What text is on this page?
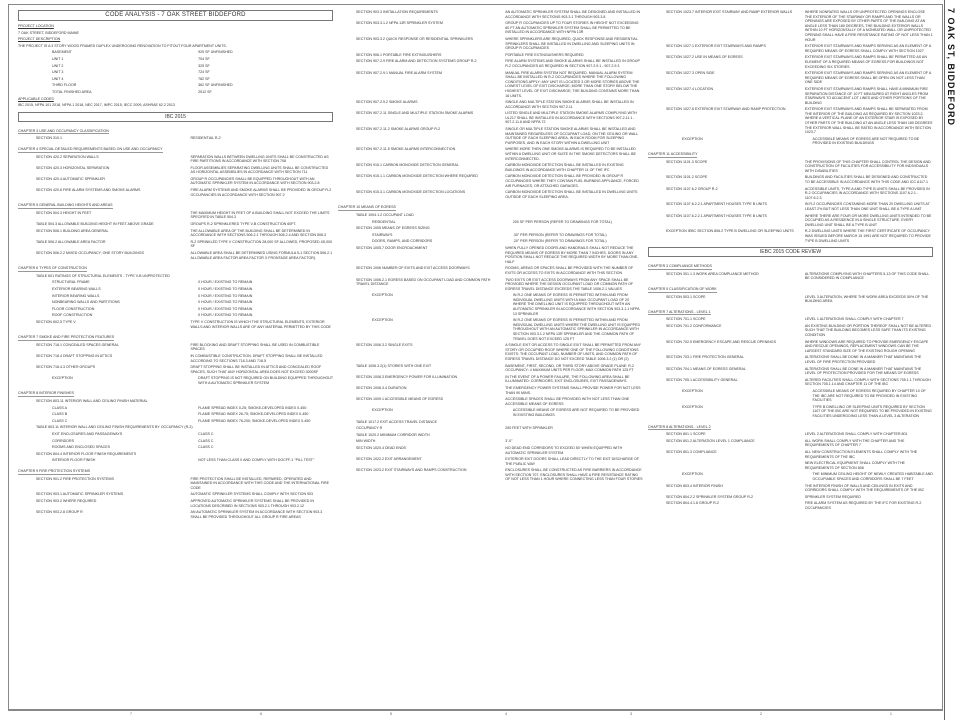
7 OAK ST, BIDDEFORD
7	6	5	4	3	2	1
CODE ANALYSIS - 7 OAK STREET BIDDEFORD
PROJECT LOCATION
7 OAK STREET, BIDDEFORD MAINE
PROJECT DESCRIPTION
THE PROJECT IS A 3 STORY WOOD FRAMED DUPLEX UNDERGOING RENOVATION TO FITOUT FOUR APARTMENT UNITS.
BASEMENT	925 SF UNFINISHED
UNIT 1	704 SF
UNIT 2	325 SF
UNIT 3	724 SF
UNIT 4	782 SF
THIRD FLOOR	362 SF UNFINISHED
TOTAL FINISHED AREA	2512 SF
APPLICABLE CODES
IBC 2015, NFPA 101 2018, NFPA 1 2018, NEC 2017, IMPC 2015, IECC 2009, ASHRAE 62.2 2013
IBC 2015
CHAPTER 3 USE AND OCCUPANCY CLASSIFICATION
SECTION 310.1	RESIDENTIAL R-2
CHAPTER 4 SPECIAL DETAILED REQUIREMENTS BASED ON USE AND OCCUPANCY
SECTION 420.2 SEPARATION WALLS	SEPARATION WALLS BETWEEN DWELLING UNITS SHALL BE CONSTRUCTED AS FIRE PARTITIONS IN ACCORDANCE WITH SECTION 708
SECTION 420.3 HORIZONTAL SEPARATION	FLOOR ASSEMBLIES SEPARATING DWELLING UNITS SHALL BE CONSTRUCTED AS HORIZONTAL ASSEMBLIES IN ACCORDANCE WITH SECTION 711
SECTION 420.4 AUTOMATIC SPRINKLER	GROUP R OCCUPANCIES SHALL BE EQUIPPED THROUGHOUT WITH AN AUTOMATIC SPRINKLER SYSTEM IN ACCORDANCE WITH SECTION 903.2.8
SECTION 420.6 FIRE ALARM SYSTEMS AND SMOKE ALARMS	FIRE ALARM SYSTEMS AND SMOKE ALARMS SHALL BE PROVIDED IN GROUP R-2 OCCUPANCIES IN ACCORDANCE WITH SECTION 907.2
CHAPTER 5 GENERAL BUILDING HEIGHTS AND AREAS
SECTION 504.3 HEIGHT IN FEET	THE MAXIMUM HEIGHT IN FEET OF A BUILDING SHALL NOT EXCEED THE LIMITS SPECIFIED IN TABLE 504.3
TABLE 504.3 ALLOWABLE BUILDING HEIGHT IN FEET ABOVE GRADE	GROUPS R-2 SPRINKLERED TYPE V-B CONSTRUCTION 60FT.
SECTION 506.1 BUILDING AREA GENERAL	THE ALLOWABLE AREA OF THE BUILDING SHALL BE DETERMINED IN ACCORDANCE WITH SECTIONS 506.2.1 THROUGH 506.2.4 AND SECTION 506.3
TABLE 506.2 ALLOWABLE AREA FACTOR	R-2 SPRINKLED TYPE V CONSTRUCTION 28,000 SF ALLOWED, PROPOSED 4D,000 SF
SECTION 506.2.2 MIXED OCCUPANCY, ONE STORY BUILDINGS	ALLOWABLE AREA SHALL BE DETERMINED USING FORMULA 5-1 SECTION 506.2.1 ALLOWABLE AREA FACTOR AREA FACTOR X FRONTAGE AREA FACTOR).
CHAPTER 6 TYPES OF CONSTRUCTION
TABLE 601 RATINGS OF STRUCTURAL ELEMENTS - TYPE V-B UNPROTECTED
STRUCTURAL FRAME	0 HOUR / EXISTING TO REMAIN
EXTERIOR BEARING WALLS	0 HOUR / EXISTING TO REMAIN
INTERIOR BEARING WALLS	0 HOUR / EXISTING TO REMAIN
NONBEARING WALLS AND PARTITIONS	0 HOUR / EXISTING TO REMAIN
FLOOR CONSTRUCTION	0 HOUR / EXISTING TO REMAIN
ROOF CONSTRUCTION	0 HOUR / EXISTING TO REMAIN
SECTION 602.5 TYPE V	TYPE V CONSTRUCTION IS WHICH THE STRUCTURAL ELEMENTS, EXTERIOR WALLS AND INTERIOR WALLS ARE OF ANY MATERIAL PERMITTED BY THIS CODE
CHAPTER 7 SMOKE AND FIRE PROTECTION FEATURES
SECTION 718.1 CONCEALED SPACES GENERAL	FIRE BLOCKING AND DRAFT STOPPING SHALL BE USED IN COMBUSTIBLE SPACES
SECTION 718.4 DRAFT STOPPING IN ATTICS	IN COMBUSTIBLE CONSTRUCTION, DRAFT STOPPING SHALL BE INSTALLED ACCORDING TO SECTIONS 718.3 AND 718.5
SECTION 718.4.3 OTHER GROUPS	DRAFT STOPPING SHALL BE INSTALLED IN ATTICS AND CONCEALED ROOF SPACES, SUCH THAT ANY HORIZONTAL AREA DOES NOT EXCEED 3000SF
EXCEPTION	DRAFT STOPPING IS NOT REQUIRED ON BUILDING EQUIPPED THROUGHOUT WITH A AUTOMATIC SPRINKLER SYSTEM
CHAPTER 8 INTERIOR FINISHES
SECTION 803.11 INTERIOR WALL AND CEILING FINISH MATERIAL
CLASS A	FLAME SPREAD INDEX 0-25; SMOKE-DEVELOPED INDEX 0-450
CLASS B	FLAME SPREAD INDEX 26-75; SMOKE-DEVELOPED INDEX 0-450
CLASS C	FLAME SPREAD INDEX 76-200; SMOKE-DEVELOPED INDEX 0-450
TABLE 803.11 INTERIOR WALL AND CEILING FINISH REQUIREMENTS BY OCCUPANCY (R-2)
EXIT ENCLOSURES AND PASSAGEWAYS	CLASS C
CORRIDORS	CLASS C
ROOMS AND ENCLOSED SPACES	CLASS C
SECTION 804.4 INTERIOR FLOOR FINISH REQUIREMENTS
INTERIOR FLOOR FINISH	NOT LESS THAN CLASS II AND COMPLY WITH DOCFF-1 "PILL TEST"
CHAPTER 9 FIRE PROTECTION SYSTEMS
SECTION 901.2 FIRE PROTECTION SYSTEMS	FIRE PROTECTION SHALL BE INSTALLED, REPAIRED, OPERATED AND MAINTAINED IN ACCORDANCE WITH THIS CODE AND THE INTERNATIONAL FIRE CODE
SECTION 903.1 AUTOMATIC SPRINKLER SYSTEMS	AUTOMATIC SPRINKLER SYSTEMS SHALL COMPLY WITH SECTION 903
SECTION 903.2 WHERE REQUIRED	APPROVED AUTOMATIC SPRINKLER SYSTEMS SHALL BE PROVIDED IN LOCATIONS DESCRIBED IN SECTIONS 903.2.1 THROUGH 903.2.12
SECTION 903.2.8 GROUP R	AN AUTOMATIC SPRINKLER SYSTEM IN ACCORDANCE WITH SECTION 903.3 SHALL BE PROVIDED THROUGHOUT ALL GROUP R FIRE AREAS
SECTION 903.3 INSTALLATION REQUIREMENTS	AN AUTOMATIC SPRINKLER SYSTEM SHALL BE DESIGNED AND INSTALLED IN ACCORDANCE WITH SECTIONS 903.3.1 THROUGH 903.3.8
SECTION 903.3.1.2 NFPA 13R SPRINKLER SYSTEM	GROUP R OCCUPANCIES UP TO FOUR STORIES IN HEIGHT NOT EXCEEDING 60 FT AN AUTOMATIC SPRINKLER SYSTEM SHALL BE PERMITTED TO BE INSTALLED IN ACCORDANCE WITH NFPA 13R
SECTION 903.3.2 QUICK RESPONSE OR RESIDENTIAL SPRINKLERS	WHERE SPRINKLERS ARE REQUIRED, QUICK RESPONSE AND RESIDENTIAL SPRINKLERS SHALL BE INSTALLED IN DWELLING AND SLEEPING UNITS IN GROUP R OCCUPANCIES
SECTION 906.1 PORTABLE FIRE EXTINGUISHERS	PORTABLE FIRE EXTINGUISHERS REQUIRED
SECTION 907.2.9 FIRE ALARM AND DETECTION SYSTEMS GROUP R-2	FIRE ALARM SYSTEMS AND SMOKE ALARMS SHALL BE INSTALLED IN GROUP R-2 OCCUPANCIES AS REQUIRED IN SECTION 907.2.9.1 - 907.2.9.3
SECTION 907.2.9.1 MANUAL FIRE ALARM SYSTEM	MANUAL FIRE ALARM SYSTEM NOT REQUIRED. MANUAL ALARM SYSTEM SHALL BE INSTALLED IN R-2 OCCUPANCIES WHERE THE FOLLOWING CONDITIONS APPLY: ANY UNIT IS LOCATED 3 OR MORE STORIES ABOVE THE LOWEST LEVEL OF EXIT DISCHARGE; MORE THAN ONE STORY BELOW THE HIGHEST LEVEL OF EXIT DISCHARGE; THE BUILDING CONTAINS MORE THAN 16 UNITS.
SECTION 907.2.9.2 SMOKE ALARMS	SINGLE AND MULTIPLE STATION SMOKE ALARMS SHALL BE INSTALLED IN ACCORDANCE WITH SECTION 907.2.11
SECTION 907.2.11 SINGLE AND MULTIPLE STATION SMOKE ALARMS	LISTED SINGLE AND MULTIPLE STATION SMOKE ALARMS COMPLYING WITH UL217 SHALL BE INSTALLED IN ACCORDANCE WITH SECTIONS 907.2.11.1 - 907.2.11.6 AND NFPA 72
SECTION 907.2.11.2 SMOKE ALARMS GROUP R-2	SINGLE OR MULTIPLE STATION SMOKE ALARMS SHALL BE INSTALLED AND MAINTAINED REGARDLESS OF OCCUPANT LOAD, ON THE CEILING OR WALL OUTSIDE OF EACH SLEEPING AREA, IN EACH ROOM FOR SLEEPING PURPOSES, AND IN EACH STORY WITHIN A DWELLING UNIT
SECTION 907.2.11.5 SMOKE ALARMS INTERCONNECTION	WHERE MORE THEN ONE SMOKE ALARMS IS REQUIRED TO BE INSTALLED WITHIN A DWELLING UNIT OR SUITE IN THE SMOKE DETECTORS SHALL BE INTERCONNECTED.
SECTION 915.1 CARBON MONOXIDE DETECTION GENERAL	CARBON MONOXIDE DETECTION SHALL BE INSTALLED IN EXISTING BUILDINGS IN ACCORDANCE WITH CHAPTER 11 OF THE IFC
SECTION 915.1.1 CARBON MONOXIDE DETECTION WHERE REQUIRED	CARBON MONOXIDE DETECTION SHALL BE PROVIDED IN GROUP R OCCUPANCIES WHERE THEY CONTAIN FUEL BURNING APPLIANCE, FORCED AIR FURNACES, OR ATTACHED GARAGES.
SECTION 915.3.1 CARBON MONOXIDE DETECTION LOCATIONS	CARBON MONOXIDE DETECTION SHALL BE INSTALLED IN DWELLING UNITS OUTSIDE OF EACH SLEEPING AREA.
CHAPTER 10 MEANS OF EGRESS
TABLE 1004.1.2 OCCUPANT LOAD
RESIDENTIAL	200 SF PER PERSON (REFER TO DRAWINGS FOR TOTAL)
SECTION 1005 MEANS OF EGRESS SIZING
STAIRWAYS	.30" PER PERSON (REFER TO DRAWINGS FOR TOTAL)
DOORS, RAMPS, AND CORRIDORS	.20" PER PERSON (REFER TO DRAWINGS FOR TOTAL)
SECTION 1005.7 DOOR ENCROACHMENT	WHEN FULLY OPENED DOORS AND HANDRAILS SHALL NOT REDUCE THE REQUIRED MEANS OF EGRESS BY MORE THAN 7 INCHES. DOORS IN ANY POSITION SHALL NOT REDUCE THE REQUIRED WIDTH BY MORE THAN ONE-HALF
SECTION 1006 NUMBER OF EXITS AND EXIT ACCESS DOORWAYS	ROOMS, AREAS OR SPACES SHALL BE PROVIDED WITH THE NUMBER OF EXITS OR ACCESS TO EXITS IN ACCORDANCE WITH THIS SECTION
SECTION 1006.2.1 EGRESS BASED ON OCCUPANT LOAD AND COMMON PATH TRAVEL DISTANCE
TWO EXITS OR EXIT ACCESS DOORWAYS FROM ANY SPACE SHALL BE PROVIDED WHERE THE DESIGN OCCUPANT LOAD OR COMMON PATH OF EGRESS TRAVEL DISTANCE EXCEEDS THE TABLE 1006.2.1 VALUES
EXCEPTION	IN R-2 ONE MEANS OF EGRESS IS PERMITTED WITHIN AND FROM INDIVIDUAL DWELLING UNITS WITH A MAX OCCUPANT LOAD OF 20 WHERE THE DWELLING UNIT IS EQUIPPED THROUGHOUT WITH AN AUTOMATIC SPRINKLER IN ACCORDANCE WITH SECTION 903.3.1.1 NFPA 13 SPRINKLER
EXCEPTION	IN R-2 ONE MEANS OF EGRESS IS PERMITTED WITHIN AND FROM INDIVIDUAL DWELLING UNITS WHERE THE DWELLING UNIT IS EQUIPPED THROUGHOUT WITH AN AUTOMATIC SPRINKLER IN ACCORDANCE WITH SECTION 903.3.1.2 NFPA 13R SPRINKLER AND THE COMMON PATH OF TRAVEL DOES NOT EXCEED 125 FT
SECTION 1006.3.2 SINGLE EXITS	A SINGLE EXIT OR ACCESS TO SINGLE EXIT SHALL BE PERMITTED FROM ANY STORY OR OCCUPIED ROOF WHERE ONE OF THE FOLLOWING CONDITIONS EXISTS: THE OCCUPANT LOAD, NUMBER OF UNITS, AND COMMON PATH OF EGRESS TRAVEL DISTANCE DO NOT EXCEED TABLE 1006.3.2 (1) OR (2)
TABLE 1006.3.2(1) STORIES WITH ONE EXIT	BASEMENT, FIRST, SECOND, OR THIRD STORY ABOVE GRADE PLANE: R-2 OCCUPANCY: 4 MAXIMUM UNITS PER FLOOR, MAX COMMON PATH 125 FT
SECTION 1008.3 EMERGENCY POWER FOR ILLUMINATION	IN THE EVENT OF A POWER FAILURE, THE FOLLOWING AREA SHALL BE ILLUMINATED: CORRIDORS, EXIT ENCLOSURES, EXIT PASSAGEWAYS.
SECTION 1008.3.4 DURATION	THE EMERGENCY POWER SYSTEMS SHALL PROVIDE POWER FOR NOT LESS THAN 90 MINS.
SECTION 1009.1 ACCESSIBLE MEANS OF EGRESS	ACCESSIBLE SPACES SHALL BE PROVIDED WITH NOT LESS THAN ONE ACCESSIBLE MEANS OF EGRESS
EXCEPTION	ACCESSIBLE MEANS OF EGRESS ARE NOT REQUIRED TO BE PROVIDED IN EXISTING BUILDINGS
TABLE 1017.2 EXIT ACCESS TRAVEL DISTANCE
OCCUPANCY R	250 FEET WITH SPRINKLER
TABLE 1020.2 MINIMUM CORRIDOR WIDTH
MIN WIDTH	3'-0"
SECTION 1020.4 DEAD ENDS	NO DEAD END CORRIDORS TO EXCEED 50' WHEN EQUIPPED WITH AUTOMATIC SPRINKLER SYSTEM
SECTION 1022.2 EXIT ARRANGEMENT	EXTERIOR EXIT DOORS SHALL LEAD DIRECTLY TO THE EXIT DISCHARGE OF THE PUBLIC WAY
SECTION 1023.2 EXIT STAIRWAYS AND RAMPS CONSTRUCTION	ENCLOSURES SHALL BE CONSTRUCTED AS FIRE BARRIERS IN ACCORDANCE WITH SECTION 707. ENCLOSURES SHALL HAVE A FIRE RESISTANCE RATING OF NOT LESS THAN 1 HOUR WHERE CONNECTING LESS THAN FOUR STORIES
SECTION 1023.7 INTERIOR EXIT STAIRWAY AND RAMP EXTERIOR WALLS	WHERE NONRATED WALLS OR UNPROTECTED OPENINGS ENCLOSE THE EXTERIOR OF THE STAIRWAY OR RAMPS AND THE WALLS OR OPENINGS ARE EXPOSED BY OTHER PARTS OF THE BUILDING AT AN ANGLE LESS THAN 180 DEGREES, THE BUILDING EXTERIOR WALLS WITHIN 10 FT HORIZONTALLY OF A NONRATED WALL OR UNPROTECTED OPENING SHALL HAVE A FIRE RESISTANCE RATING OF NOT LESS THAN 1 HOUR
SECTION 1027.1 EXTERIOR EXIT STAIRWAYS AND RAMPS	EXTERIOR EXIT STAIRWAYS AND RAMPS SERVING AS AN ELEMENT OF A REQUIRED MEANS OF EGRESS SHALL COMPLY WITH SECTION 1027
SECTION 1027.2 USE IN MEANS OF EGRESS	EXTERIOR EXIT STAIRWAYS AND RAMPS SHALL BE PERMITTED AS AN ELEMENT OF A REQUIRED MEANS OF EGRESS FOR BUILDINGS NOT EXCEEDING SIX STORIES
SECTION 1027.3 OPEN SIDE	EXTERIOR EXIT STAIRWAYS AND RAMPS SERVING AS AN ELEMENT OF A REQUIRED MEANS OF EGRESS SHALL BE OPEN ON NOT LESS THAN ONE SIDE
SECTION 1027.4 LOCATION	EXTERIOR EXIT STAIRWAYS AND RAMPS SHALL HAVE A MINIMUM FIRE SEPARATION DISTANCE OF 10 FT MEASURED AT RIGHT ANGLES FROM STAIRWAYS TO ADJACENT LOT LINES AND OTHER PORTIONS OF THE BUILDING
SECTION 1027.6 EXTERIOR EXIT STAIRWAY AND RAMP PROTECTION	EXTERIOR EXIT STAIRWAYS AND RAMPS SHALL BE SEPARATED FROM THE INTERIOR OF THE BUILDING AS REQUIRED BY SECTION 1023.2. WHERE A VERTICAL PLANE OF AN EXTERIOR STAIR IS EXPOSED BY OTHER PARTS OF THE BUILDING AT AN ANGLE LESS THAN 180 DEGREES THE EXTERIOR WALL SHALL BE RATED IN ACCORDANCE WITH SECTION 1023.7
EXCEPTION	ACCESSIBLE MEANS OF EGRESS ARE NOT REQUIRED TO BE PROVIDED IN EXISTING BUILDINGS
CHAPTER 11 ACCESSIBILITY
SECTION 1101.3 SCOPE	THE PROVISIONS OF THIS CHAPTER SHALL CONTROL THE DESIGN AND CONSTRUCTION OF FACILITIES FOR ACCESSIBILITY FOR INDIVIDUALS WITH DISABILITIES
SECTION 1101.2 SCOPE	BUILDINGS AND FACILITIES SHALL BE DESIGNED AND CONSTRUCTED TO BE ACCESSIBLE IN ACCORDANCE WITH THIS CODE AND ICC A117.1
SECTION 1107.6.2 GROUP R-2	ACCESSIBLE UNITS, TYPE A AND TYPE B UNITS SHALL BE PROVIDED IN R-2 OCCUPANCIES IN ACCORDANCE WITH SECTIONS 1107.6.2.1 - 1107.6.2.3
SECTION 1107.6.2.2.1 APARTMENT HOUSES TYPE B UNITS	IN R-2 OCCUPANCIES CONTAINING MORE THAN 20 DWELLING UNITS AT LEAST 2% BUT NOT LESS THAN ONE UNIT SHALL BE A TYPE A UNIT
SECTION 1107.6.2.2.1 APARTMENT HOUSES TYPE B UNITS	WHERE THERE ARE FOUR OR MORE DWELLING UNITS INTENDED TO BE OCCUPIED AS A RESIDENCE IN A SINGLE STRUCTURE, EVERY DWELLING UNIT SHALL BE A TYPE B UNIT
EXCEPTION IEBC SECTION 806.2 TYPE B DWELLING OR SLEEPING UNITS	R-2 DWELLING UNITS WHERE THE FIRST CERTIFICATE OF OCCUPANCY WAS ISSUED BEFORE MARCH 15 1991 ARE NOT REQUIRED TO PROVIDE TYPE B DWELLING UNITS
IEBC 2015 CODE REVIEW
CHAPTER 3 COMPLIANCE METHODS
SECTION 301.1.3 WORK AREA COMPLIANCE METHOD	ALTERATIONS COMPLYING WITH CHAPTERS 5-13 OF THIS CODE SHALL BE CONSIDERED IN COMPLIANCE
CHAPTER 5 CLASSIFICATION OF WORK
SECTION 503.1 SCOPE	LEVEL 3 ALTERATION, WHERE THE WORK AREA EXCEEDS 50% OF THE BUILDING AREA
CHAPTER 7 ALTERATIONS - LEVEL 1
SECTION 701.1 SCOPE	LEVEL 1 ALTERATIONS SHALL COMPLY WITH CHAPTER 7
SECTION 701.2 CONFORMANCE	AN EXISTING BUILDING OR PORTION THEREOF SHALL NOT BE ALTERED SUCH THAT THE BUILDING BECOMES LESS SAFE THAN ITS EXISTING CONDITION
SECTION 702.5 EMERGENCY ESCAPE AND RESCUE OPENINGS	WHERE WINDOWS ARE REQUIRED TO PROVIDE EMERGENCY ESCAPE AND RESCUE OPENINGS, REPLACEMENT WINDOWS CAN BE THE LARGEST STANDARD SIZE OF THE EXISTING ROUGH OPENING
SECTION 703.1 FIRE PROTECTION GENERAL	ALTERATIONS SHALL BE DONE IN A MANNER THAT MAINTAINS THE LEVEL OF FIRE PROTECTION PROVIDED
SECTION 704.1 MEANS OF EGRESS GENERAL	ALTERATIONS SHALL BE DONE IN A MANNER THAT MAINTAINS THE LEVEL OF PROTECTION PROVIDED FOR THE MEANS OF EGRESS
SECTION 705.1 ACCESSIBILITY GENERAL	ALTERED FACILITIES SHALL COMPLY WITH SECTIONS 705.1.1 THROUGH SECTION 705.1.14 AND CHAPTER 11 OF THE IBC
EXCEPTION	ACCESSIBLE MEANS OF EGRESS REQUIRED BY CHAPTER 10 OF THE IBC ARE NOT REQUIRED TO BE PROVIDED IN EXISTING FACILITIES
EXCEPTION	TYPE B DWELLING OR SLEEPING UNITS REQUIRED BY SECTION 1107 OF THE IBC ARE NOT REQUIRED TO BE PROVIDED IN EXISTING FACILITIES UNDERGOING LESS THAN A LEVEL 3 ALTERATION
CHAPTER 8 ALTERATIONS - LEVEL 2
SECTION 801.1 SCOPE	LEVEL 2 ALTERATIONS SHALL COMPLY WITH CHAPTER 801
SECTION 801.2 ALTERATION LEVEL 1 COMPLIANCE	ALL WORK SHALL COMPLY WITH THE CHAPTER AND THE REQUIREMENTS OF CHAPTER 7
SECTION 801.3 COMPLIANCE	ALL NEW CONSTRUCTION ELEMENTS SHALL COMPLY WITH THE REQUIREMENTS OF THE IBC
NEW ELECTRICAL EQUIPMENT SHALL COMPLY WITH THE REQUIREMENTS OF SECTION 808
EXCEPTION	THE MINIMUM CEILING HEIGHT OF NEWLY CREATED HABITABLE AND OCCUPIABLE SPACES AND CORRIDORS SHALL BE 7 FEET
SECTION 803.4 INTERIOR FINISH	THE INTERIOR FINISH OF WALLS AND CEILINGS IN EXITS AND CORRIDORS SHALL COMPLY WITH THE REQUIREMENTS OF THE IBC
SECTION 804.2.2 SPRINKLER SYSTEM GROUP R-2	SPRINKLER SYSTEM REQUIRED
SECTION 804.4.1.6 GROUP R-2	FIRE ALARM SYSTEM AS REQUIRED BY THE IFC FOR EXISTING R-2 OCCUPANCIES
